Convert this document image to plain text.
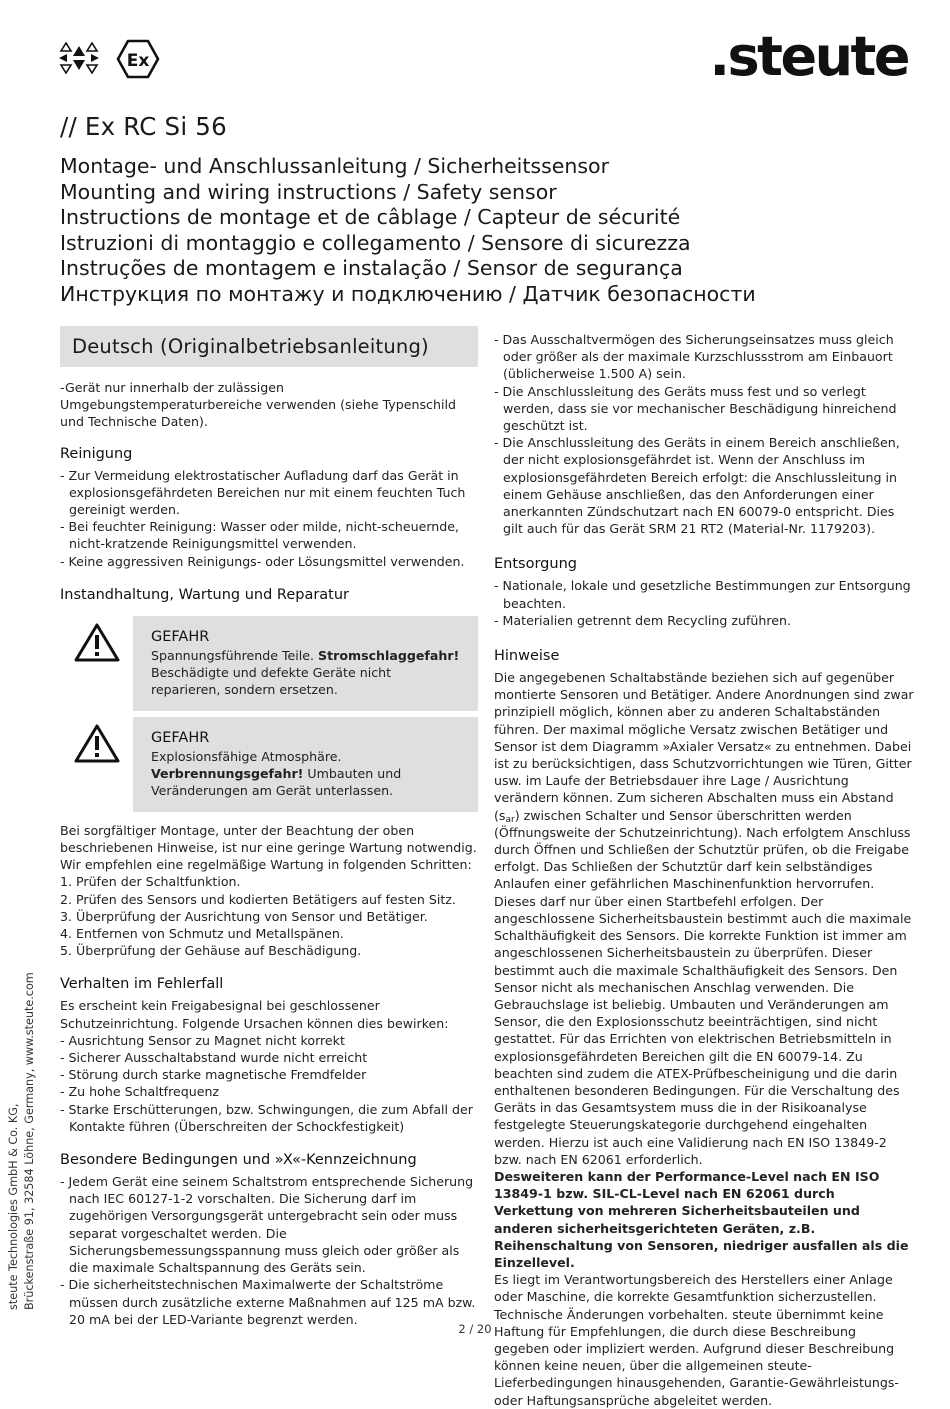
Ex	.steute
// Ex RC Si 56
Montage- und Anschlussanleitung / Sicherheitssensor
Mounting and wiring instructions / Safety sensor
Instructions de montage et de câblage / Capteur de sécurité
Istruzioni di montaggio e collegamento / Sensore di sicurezza
Instruções de montagem e instalação / Sensor de segurança
Инструкция по монтажу и подключению / Датчик безопасности
Deutsch (Originalbetriebsanleitung)

-Gerät nur innerhalb der zulässigen Umgebungstemperaturbereiche verwenden (siehe Typenschild und Technische Daten).

Reinigung
- Zur Vermeidung elektrostatischer Aufladung darf das Gerät in explosionsgefährdeten Bereichen nur mit einem feuchten Tuch gereinigt werden.
- Bei feuchter Reinigung: Wasser oder milde, nicht-scheuernde, nicht-kratzende Reinigungsmittel verwenden.
- Keine aggressiven Reinigungs- oder Lösungsmittel verwenden.
Instandhaltung, Wartung und Reparatur
GEFAHR
Spannungsführende Teile. Stromschlaggefahr! Beschädigte und defekte Geräte nicht reparieren, sondern ersetzen.
GEFAHR
Explosionsfähige Atmosphäre. Verbrennungsgefahr! Umbauten und Veränderungen am Gerät unterlassen.

Bei sorgfältiger Montage, unter der Beachtung der oben beschriebenen Hinweise, ist nur eine geringe Wartung notwendig. Wir empfehlen eine regelmäßige Wartung in folgenden Schritten:

1. Prüfen der Schaltfunktion.
2. Prüfen des Sensors und kodierten Betätigers auf festen Sitz.
3. Überprüfung der Ausrichtung von Sensor und Betätiger.
4. Entfernen von Schmutz und Metallspänen.
5. Überprüfung der Gehäuse auf Beschädigung.
Verhalten im Fehlerfall

Es erscheint kein Freigabesignal bei geschlossener Schutzeinrichtung. Folgende Ursachen können dies bewirken:

- Ausrichtung Sensor zu Magnet nicht korrekt
- Sicherer Ausschaltabstand wurde nicht erreicht
- Störung durch starke magnetische Fremdfelder
- Zu hohe Schaltfrequenz
- Starke Erschütterungen, bzw. Schwingungen, die zum Abfall der Kontakte führen (Überschreiten der Schockfestigkeit)
Besondere Bedingungen und »X«-Kennzeichnung
- Jedem Gerät eine seinem Schaltstrom entsprechende Sicherung nach IEC 60127-1-2 vorschalten. Die Sicherung darf im zugehörigen Versorgungsgerät untergebracht sein oder muss separat vorgeschaltet werden. Die Sicherungsbemessungsspannung muss gleich oder größer als die maximale Schaltspannung des Geräts sein.
- Die sicherheitstechnischen Maximalwerte der Schaltströme müssen durch zusätzliche externe Maßnahmen auf 125 mA bzw. 20 mA bei der LED-Variante begrenzt werden.
- Das Ausschaltvermögen des Sicherungseinsatzes muss gleich oder größer als der maximale Kurzschlussstrom am Einbauort (üblicherweise 1.500 A) sein.
- Die Anschlussleitung des Geräts muss fest und so verlegt werden, dass sie vor mechanischer Beschädigung hinreichend geschützt ist.
- Die Anschlussleitung des Geräts in einem Bereich anschließen, der nicht explosionsgefährdet ist. Wenn der Anschluss im explosionsgefährdeten Bereich erfolgt: die Anschlussleitung in einem Gehäuse anschließen, das den Anforderungen einer anerkannten Zündschutzart nach EN 60079-0 entspricht. Dies gilt auch für das Gerät SRM 21 RT2 (Material-Nr. 1179203).
Entsorgung
- Nationale, lokale und gesetzliche Bestimmungen zur Entsorgung beachten.
- Materialien getrennt dem Recycling zuführen.
Hinweise

Die angegebenen Schaltabstände beziehen sich auf gegenüber montierte Sensoren und Betätiger. Andere Anordnungen sind zwar prinzipiell möglich, können aber zu anderen Schaltabständen führen. Der maximal mögliche Versatz zwischen Betätiger und Sensor ist dem Diagramm »Axialer Versatz« zu entnehmen. Dabei ist zu berücksichtigen, dass Schutzvorrichtungen wie Türen, Gitter usw. im Laufe der Betriebsdauer ihre Lage / Ausrichtung verändern können. Zum sicheren Abschalten muss ein Abstand $(s_{ar})$ zwischen Schalter und Sensor überschritten werden (Öffnungsweite der Schutzeinrichtung). Nach erfolgtem Anschluss durch Öffnen und Schließen der Schutztür prüfen, ob die Freigabe erfolgt. Das Schließen der Schutztür darf kein selbständiges Anlaufen einer gefährlichen Maschinenfunktion hervorrufen. Dieses darf nur über einen Startbefehl erfolgen. Der angeschlossene Sicherheitsbaustein bestimmt auch die maximale Schalthäufigkeit des Sensors. Die korrekte Funktion ist immer am angeschlossenen Sicherheitsbaustein zu überprüfen. Dieser bestimmt auch die maximale Schalthäufigkeit des Sensors. Den Sensor nicht als mechanischen Anschlag verwenden. Die Gebrauchslage ist beliebig. Umbauten und Veränderungen am Sensor, die den Explosionsschutz beeinträchtigen, sind nicht gestattet. Für das Errichten von elektrischen Betriebsmitteln in explosionsgefährdeten Bereichen gilt die EN 60079-14. Zu beachten sind zudem die ATEX-Prüfbescheinigung und die darin enthaltenen besonderen Bedingungen. Für die Verschaltung des Geräts in das Gesamtsystem muss die in der Risikoanalyse festgelegte Steuerungskategorie durchgehend eingehalten werden. Hierzu ist auch eine Validierung nach EN ISO 13849-2 bzw. nach EN 62061 erforderlich.

Desweiteren kann der Performance-Level nach EN ISO 13849-1 bzw. SIL-CL-Level nach EN 62061 durch Verkettung von mehreren Sicherheitsbauteilen und anderen sicherheitsgerichteten Geräten, z.B. Reihenschaltung von Sensoren, niedriger ausfallen als die Einzellevel.

Es liegt im Verantwortungsbereich des Herstellers einer Anlage oder Maschine, die korrekte Gesamtfunktion sicherzustellen. Technische Änderungen vorbehalten. steute übernimmt keine Haftung für Empfehlungen, die durch diese Beschreibung gegeben oder impliziert werden. Aufgrund dieser Beschreibung können keine neuen, über die allgemeinen steute-Lieferbedingungen hinausgehenden, Garantie-Gewährleistungs- oder Haftungsansprüche abgeleitet werden.

steute Technologies GmbH & Co. KG, Brückenstraße 91, 32584 Löhne, Germany, www.steute.com
2 / 20
